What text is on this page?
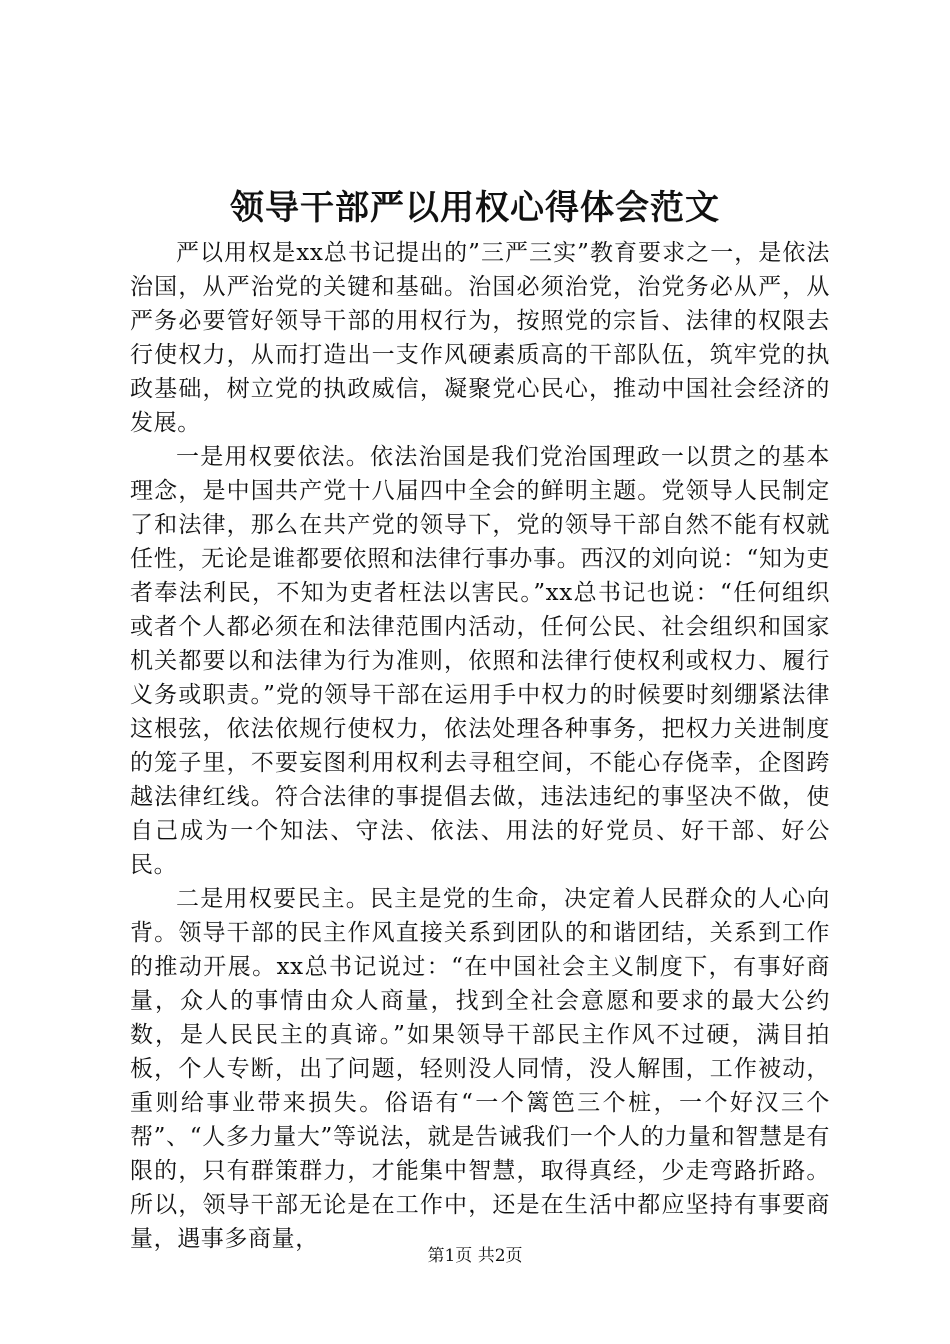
领导干部严以用权心得体会范文

严以用权是xx总书记提出的”三严三实”教育要求之一，是依法治国，从严治党的关键和基础。治国必须治党，治党务必从严，从严务必要管好领导干部的用权行为，按照党的宗旨、法律的权限去行使权力，从而打造出一支作风硬素质高的干部队伍，筑牢党的执政基础，树立党的执政威信，凝聚党心民心，推动中国社会经济的发展。

一是用权要依法。依法治国是我们党治国理政一以贯之的基本理念，是中国共产党十八届四中全会的鲜明主题。党领导人民制定了和法律，那么在共产党的领导下，党的领导干部自然不能有权就任性，无论是谁都要依照和法律行事办事。西汉的刘向说：“知为吏者奉法利民，不知为吏者枉法以害民。”xx总书记也说：“任何组织或者个人都必须在和法律范围内活动，任何公民、社会组织和国家机关都要以和法律为行为准则，依照和法律行使权利或权力、履行义务或职责。”党的领导干部在运用手中权力的时候要时刻绷紧法律这根弦，依法依规行使权力，依法处理各种事务，把权力关进制度的笼子里，不要妄图利用权利去寻租空间，不能心存侥幸，企图跨越法律红线。符合法律的事提倡去做，违法违纪的事坚决不做，使自己成为一个知法、守法、依法、用法的好党员、好干部、好公民。

二是用权要民主。民主是党的生命，决定着人民群众的人心向背。领导干部的民主作风直接关系到团队的和谐团结，关系到工作的推动开展。xx总书记说过：“在中国社会主义制度下，有事好商量，众人的事情由众人商量，找到全社会意愿和要求的最大公约数，是人民民主的真谛。”如果领导干部民主作风不过硬，满目拍板，个人专断，出了问题，轻则没人同情，没人解围，工作被动，重则给事业带来损失。俗语有“一个篱笆三个桩，一个好汉三个帮”、“人多力量大”等说法，就是告诫我们一个人的力量和智慧是有限的，只有群策群力，才能集中智慧，取得真经，少走弯路折路。所以，领导干部无论是在工作中，还是在生活中都应坚持有事要商量，遇事多商量，

第1页 共2页
